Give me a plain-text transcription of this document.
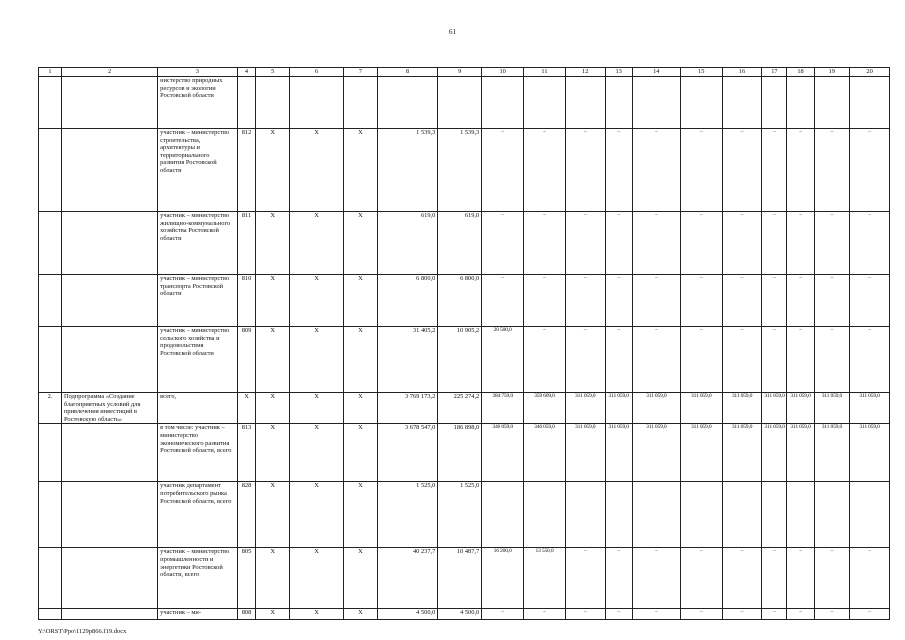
61
1	2	3	4	5	6	7	8	9	10	11	12	13	14	15	16	17	18	19	20
		нистерство природных ресурсов и экологии Ростовской области																	
		участник – министерство строительства, архитектуры и территориального развития Ростовской области	812	X	X	X	1 539,3	1 539,3	–	–	–	–	–	–	–	–	–	–	–
		участник – министерство жилищно-коммунального хозяйства Ростовской области	811	X	X	X	619,0	619,0	–	–	–	–	–	–	–	–	–	–	–
		участник – министерство транспорта Ростовской области	810	X	X	X	6 800,0	6 800,0	–	–	–	–	–	–	–	–	–	–	–
		участник – министерство сельского хозяйства и продовольствия Ростовской области	809	X	X	X	31 405,2	10 905,2	20 500,0	–	–	–	–	–	–	–	–	–	–
2.	Подпрограмма «Создание благоприятных условий для привлечения инвестиций в Ростовскую область»	всего,	X	X	X	X	3 769 173,2	225 274,2	384 759,0	359 609,0	311 059,0	311 059,0	311 059,0	311 059,0	311 059,0	311 059,0	311 059,0	311 059,0	311 059,0
		в том числе: участник – министерство экономического развития Ростовской области, всего	813	X	X	X	3 678 547,0	186 898,0	346 059,0	346 059,0	311 059,0	311 059,0	311 059,0	311 059,0	311 059,0	311 059,0	311 059,0	311 059,0	311 059,0
		участник департамент потребительского рынка Ростовской области, всего	828	X	X	X	1 525,0	1 525,0											
		участник – министерство промышленности и энергетики Ростовской области, всего	805	X	X	X	40 237,7	10 487,7	16 200,0	13 550,0	–	–	–	–	–	–	–	–	–
		участник – ми-	808	X	X	X	4 500,0	4 500,0	–	–	–	–	–	–	–	–	–	–	–
Y:\ORST\Ppo\1129p866.f19.docx
